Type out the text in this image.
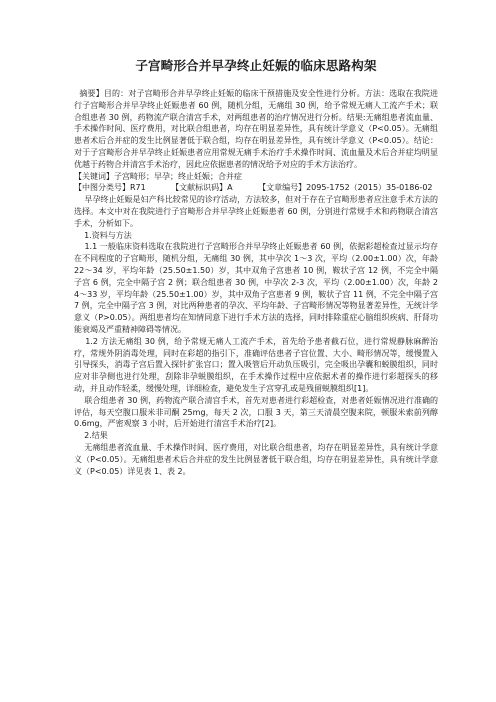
子宫畸形合并早孕终止妊娠的临床思路构架

摘要】目的：对子宫畸形合并早孕终止妊娠的临床干预措施及安全性进行分析。方法：选取在我院进行子宫畸形合并早孕终止妊娠患者 60 例，随机分组，无痛组 30 例，给予常规无痛人工流产手术；联合组患者 30 例，药物流产联合清宫手术，对两组患者的治疗情况进行分析。结果:无痛组患者流血量、手术操作时间、医疗费用，对比联合组患者，均存在明显差异性，具有统计学意义（P<0.05）。无痛组患者术后合并症的发生比例显著低于联合组，均存在明显差异性，具有统计学意义（P<0.05）。结论：对于子宫畸形合并早孕终止妊娠患者应用常规无痛手术治疗手术操作时间、流血量及术后合并症均明显优越于药物合并清宫手术治疗，因此应依据患者的情况给予对应的手术方法治疗。

【关键词】子宫畸形；早孕；终止妊娠；合并症

【中图分类号】R71          【文献标识码】A          【文章编号】2095-1752（2015）35-0186-02

早孕终止妊娠是妇产科比较常见的诊疗活动，方法较多，但对于存在子宫畸形患者应注意手术方法的选择。本文中对在我院进行子宫畸形合并早孕终止妊娠患者 60 例，分别进行常规手术和药物联合清宫手术，分析如下。

1.资料与方法

1.1 一般临床资料选取在我院进行子宫畸形合并早孕终止妊娠患者 60 例，依据彩超检查过显示均存在不同程度的子宫畸形，随机分组，无痛组 30 例，其中孕次 1～3 次，平均（2.00±1.00）次，年龄 22～34 岁，平均年龄（25.50±1.50）岁，其中双角子宫患者 10 例，鞍状子宫 12 例，不完全中隔子宫 6 例，完全中隔子宫 2 例；联合组患者 30 例，中孕次 2-3 次，平均（2.00±1.00）次，年龄 24～33 岁，平均年龄（25.50±1.00）岁，其中双角子宫患者 9 例，鞍状子宫 11 例，不完全中隔子宫 7 例，完全中隔子宫 3 例，对比两种患者的孕次、平均年龄、子宫畸形情况等物显著差异性，无统计学意义（P>0.05）。两组患者均在知情同意下进行手术方法的选择，同时排除重症心脑组织疾病、肝肾功能衰竭及严重精神障碍等情况。

1.2 方法无痛组 30 例，给予常规无痛人工流产手术，首先给予患者截石位，进行常规静脉麻醉治疗，常规外阴消毒处理，同时在彩超的指引下，准确评估患者子宫位置、大小、畸形情况等，缓慢置入引导探头，消毒子宫后置入探针扩张宫口；置入吸管后开动负压吸引，完全吸出孕囊和蜕膜组织，同时应对非孕侧也进行处理，刮除非孕蜕膜组织，在手术操作过程中应依据术者的操作进行彩超探头的移动，并且动作轻柔，缓慢处理，详细检查，避免发生子宫穿孔或是残留蜕膜组织[1]。

联合组患者 30 例，药物流产联合清宫手术，首先对患者进行彩超检查，对患者妊娠情况进行准确的评估，每天空腹口服米非司酮 25mg，每天 2 次，口服 3 天，第三天清晨空腹来院，顿服米索前列醇 0.6mg，严密观察 3 小时，后开始进行清宫手术治疗[2]。

2.结果

无痛组患者流血量、手术操作时间、医疗费用，对比联合组患者，均存在明显差异性，具有统计学意义（P<0.05）。无痛组患者术后合并症的发生比例显著低于联合组，均存在明显差异性，具有统计学意义（P<0.05）详见表 1、表 2。
